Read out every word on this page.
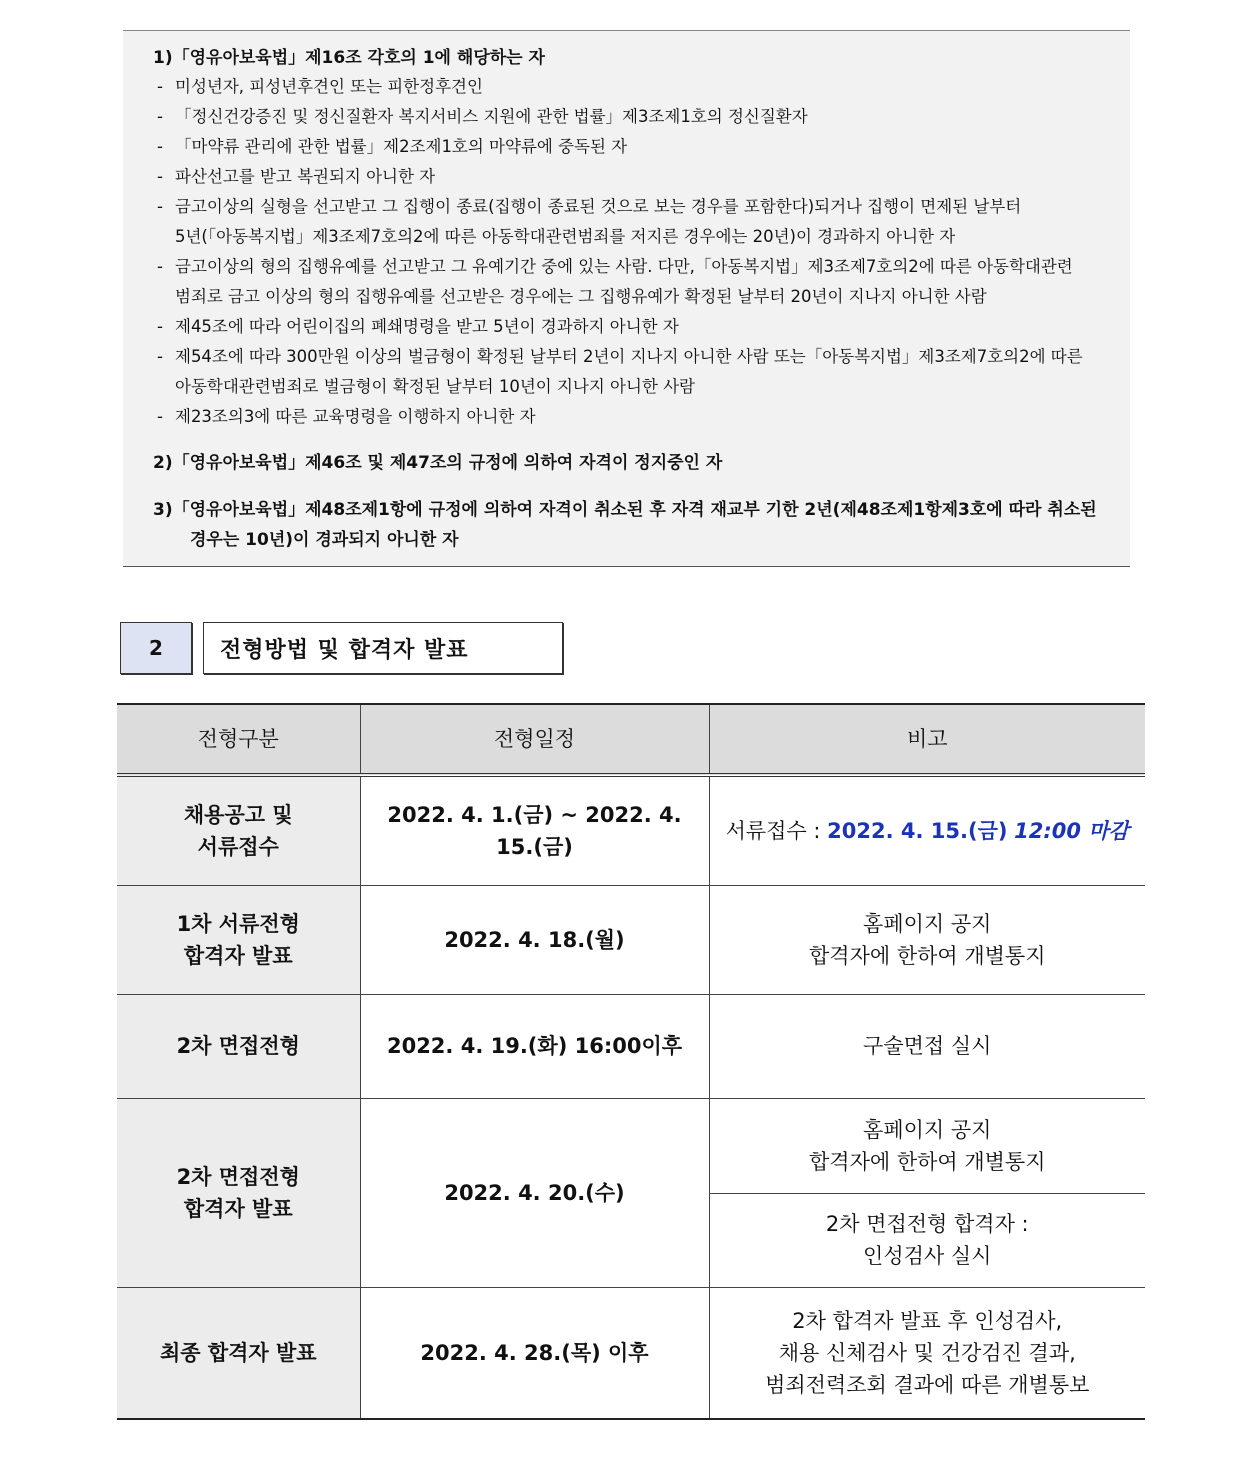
1)「영유아보육법」제16조 각호의 1에 해당하는 자
- 미성년자, 피성년후견인 또는 피한정후견인
- 「정신건강증진 및 정신질환자 복지서비스 지원에 관한 법률」제3조제1호의 정신질환자
- 「마약류 관리에 관한 법률」제2조제1호의 마약류에 중독된 자
- 파산선고를 받고 복권되지 아니한 자
- 금고이상의 실형을 선고받고 그 집행이 종료(집행이 종료된 것으로 보는 경우를 포함한다)되거나 집행이 면제된 날부터
5년(「아동복지법」제3조제7호의2에 따른 아동학대관련범죄를 저지른 경우에는 20년)이 경과하지 아니한 자
- 금고이상의 형의 집행유예를 선고받고 그 유예기간 중에 있는 사람. 다만,「아동복지법」제3조제7호의2에 따른 아동학대관련
범죄로 금고 이상의 형의 집행유예를 선고받은 경우에는 그 집행유예가 확정된 날부터 20년이 지나지 아니한 사람
- 제45조에 따라 어린이집의 폐쇄명령을 받고 5년이 경과하지 아니한 자
- 제54조에 따라 300만원 이상의 벌금형이 확정된 날부터 2년이 지나지 아니한 사람 또는「아동복지법」제3조제7호의2에 따른
아동학대관련범죄로 벌금형이 확정된 날부터 10년이 지나지 아니한 사람
- 제23조의3에 따른 교육명령을 이행하지 아니한 자
2)「영유아보육법」제46조 및 제47조의 규정에 의하여 자격이 정지중인 자
3)「영유아보육법」제48조제1항에 규정에 의하여 자격이 취소된 후 자격 재교부 기한 2년(제48조제1항제3호에 따라 취소된
경우는 10년)이 경과되지 아니한 자
2	전형방법 및 합격자 발표
전형구분	전형일정	비고

채용공고 및
서류접수	2022. 4. 1.(금) ~ 2022. 4. 15.(금)	서류접수 : 2022. 4. 15.(금) 12:00 마감

1차 서류전형
합격자 발표	2022. 4. 18.(월)	홈페이지 공지
합격자에 한하여 개별통지

2차 면접전형	2022. 4. 19.(화) 16:00이후	구술면접 실시

2차 면접전형
합격자 발표	2022. 4. 20.(수)	홈페이지 공지
합격자에 한하여 개별통지

		2차 면접전형 합격자 :
인성검사 실시

최종 합격자 발표	2022. 4. 28.(목) 이후	2차 합격자 발표 후 인성검사,
채용 신체검사 및 건강검진 결과,
범죄전력조회 결과에 따른 개별통보
